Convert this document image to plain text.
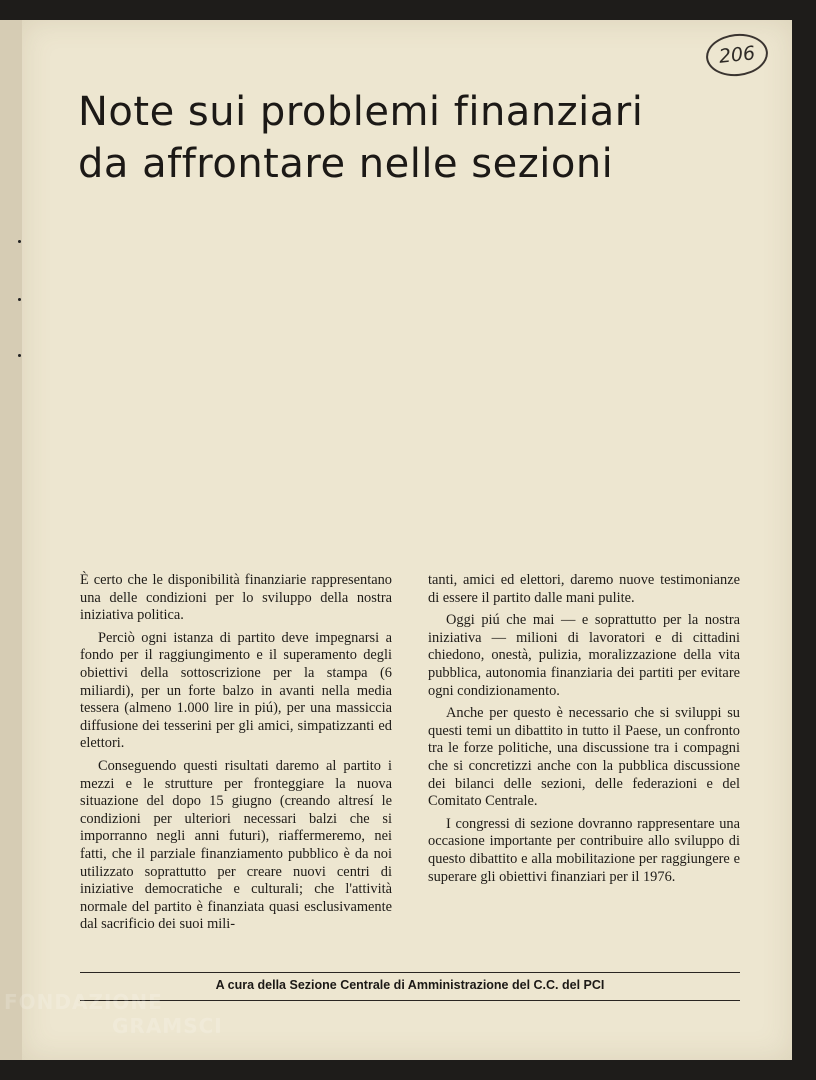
206
Note sui problemi finanziari
da affrontare nelle sezioni

È certo che le disponibilità finanziarie rappresentano una delle condizioni per lo sviluppo della nostra iniziativa politica.

Perciò ogni istanza di partito deve impegnarsi a fondo per il raggiungimento e il superamento degli obiettivi della sottoscrizione per la stampa (6 miliardi), per un forte balzo in avanti nella media tessera (almeno 1.000 lire in piú), per una massiccia diffusione dei tesserini per gli amici, simpatizzanti ed elettori.

Conseguendo questi risultati daremo al partito i mezzi e le strutture per fronteggiare la nuova situazione del dopo 15 giugno (creando altresí le condizioni per ulteriori necessari balzi che si imporranno negli anni futuri), riaffermeremo, nei fatti, che il parziale finanziamento pubblico è da noi utilizzato soprattutto per creare nuovi centri di iniziative democratiche e culturali; che l'attività normale del partito è finanziata quasi esclusivamente dal sacrificio dei suoi mili-

tanti, amici ed elettori, daremo nuove testimonianze di essere il partito dalle mani pulite.

Oggi piú che mai — e soprattutto per la nostra iniziativa — milioni di lavoratori e di cittadini chiedono, onestà, pulizia, moralizzazione della vita pubblica, autonomia finanziaria dei partiti per evitare ogni condizionamento.

Anche per questo è necessario che si sviluppi su questi temi un dibattito in tutto il Paese, un confronto tra le forze politiche, una discussione tra i compagni che si concretizzi anche con la pubblica discussione dei bilanci delle sezioni, delle federazioni e del Comitato Centrale.

I congressi di sezione dovranno rappresentare una occasione importante per contribuire allo sviluppo di questo dibattito e alla mobilitazione per raggiungere e superare gli obiettivi finanziari per il 1976.

A cura della Sezione Centrale di Amministrazione del C.C. del PCI
FONDAZIONE
GRAMSCI
